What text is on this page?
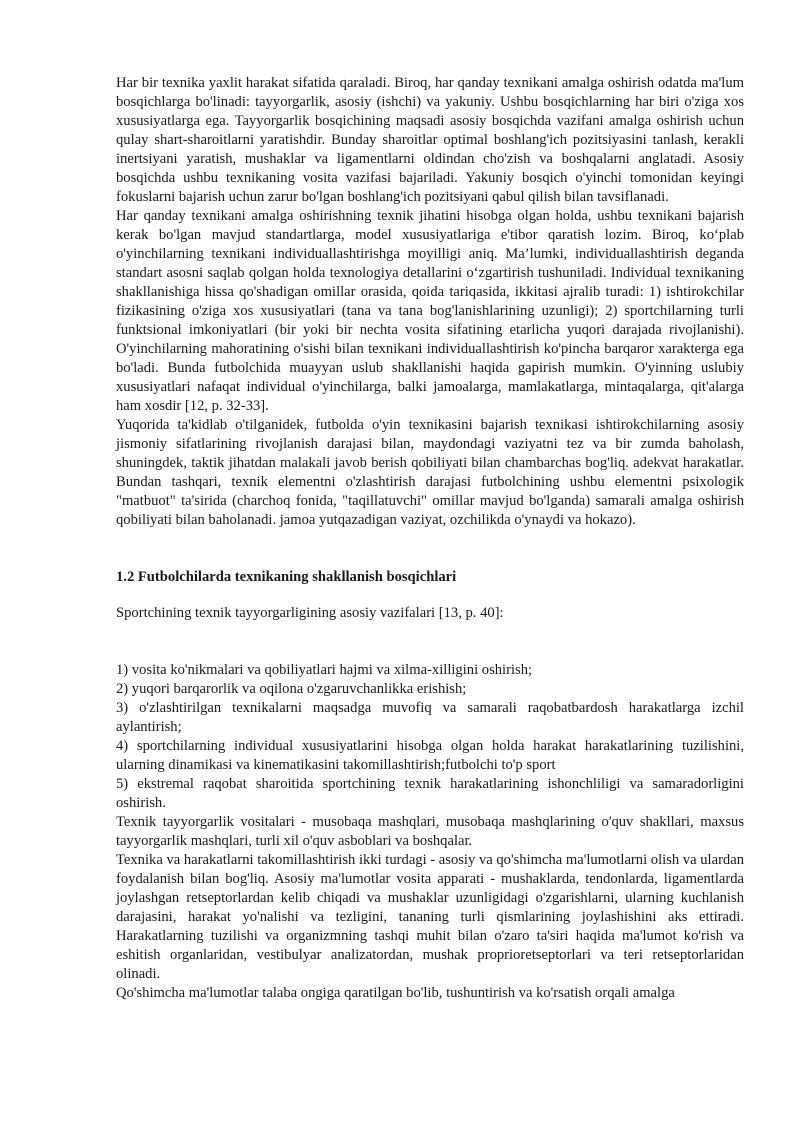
Har bir texnika yaxlit harakat sifatida qaraladi. Biroq, har qanday texnikani amalga oshirish odatda ma'lum bosqichlarga bo'linadi: tayyorgarlik, asosiy (ishchi) va yakuniy. Ushbu bosqichlarning har biri o'ziga xos xususiyatlarga ega. Tayyorgarlik bosqichining maqsadi asosiy bosqichda vazifani amalga oshirish uchun qulay shart-sharoitlarni yaratishdir. Bunday sharoitlar optimal boshlang'ich pozitsiyasini tanlash, kerakli inertsiyani yaratish, mushaklar va ligamentlarni oldindan cho'zish va boshqalarni anglatadi. Asosiy bosqichda ushbu texnikaning vosita vazifasi bajariladi. Yakuniy bosqich o'yinchi tomonidan keyingi fokuslarni bajarish uchun zarur bo'lgan boshlang'ich pozitsiyani qabul qilish bilan tavsiflanadi.

Har qanday texnikani amalga oshirishning texnik jihatini hisobga olgan holda, ushbu texnikani bajarish kerak bo'lgan mavjud standartlarga, model xususiyatlariga e'tibor qaratish lozim. Biroq, ko‘plab o'yinchilarning texnikani individuallashtirishga moyilligi aniq. Ma’lumki, individuallashtirish deganda standart asosni saqlab qolgan holda texnologiya detallarini o‘zgartirish tushuniladi. Individual texnikaning shakllanishiga hissa qo'shadigan omillar orasida, qoida tariqasida, ikkitasi ajralib turadi: 1) ishtirokchilar fizikasining o'ziga xos xususiyatlari (tana va tana bog'lanishlarining uzunligi); 2) sportchilarning turli funktsional imkoniyatlari (bir yoki bir nechta vosita sifatining etarlicha yuqori darajada rivojlanishi). O'yinchilarning mahoratining o'sishi bilan texnikani individuallashtirish ko'pincha barqaror xarakterga ega bo'ladi. Bunda futbolchida muayyan uslub shakllanishi haqida gapirish mumkin. O'yinning uslubiy xususiyatlari nafaqat individual o'yinchilarga, balki jamoalarga, mamlakatlarga, mintaqalarga, qit'alarga ham xosdir [12, p. 32-33].

Yuqorida ta'kidlab o'tilganidek, futbolda o'yin texnikasini bajarish texnikasi ishtirokchilarning asosiy jismoniy sifatlarining rivojlanish darajasi bilan, maydondagi vaziyatni tez va bir zumda baholash, shuningdek, taktik jihatdan malakali javob berish qobiliyati bilan chambarchas bog'liq. adekvat harakatlar. Bundan tashqari, texnik elementni o'zlashtirish darajasi futbolchining ushbu elementni psixologik "matbuot" ta'sirida (charchoq fonida, "taqillatuvchi" omillar mavjud bo'lganda) samarali amalga oshirish qobiliyati bilan baholanadi. jamoa yutqazadigan vaziyat, ozchilikda o'ynaydi va hokazo).

1.2 Futbolchilarda texnikaning shakllanish bosqichlari

Sportchining texnik tayyorgarligining asosiy vazifalari [13, p. 40]:

1) vosita ko'nikmalari va qobiliyatlari hajmi va xilma-xilligini oshirish;

2) yuqori barqarorlik va oqilona o'zgaruvchanlikka erishish;

3) o'zlashtirilgan texnikalarni maqsadga muvofiq va samarali raqobatbardosh harakatlarga izchil aylantirish;

4) sportchilarning individual xususiyatlarini hisobga olgan holda harakat harakatlarining tuzilishini, ularning dinamikasi va kinematikasini takomillashtirish;futbolchi to'p sport

5) ekstremal raqobat sharoitida sportchining texnik harakatlarining ishonchliligi va samaradorligini oshirish.

Texnik tayyorgarlik vositalari - musobaqa mashqlari, musobaqa mashqlarining o'quv shakllari, maxsus tayyorgarlik mashqlari, turli xil o'quv asboblari va boshqalar.

Texnika va harakatlarni takomillashtirish ikki turdagi - asosiy va qo'shimcha ma'lumotlarni olish va ulardan foydalanish bilan bog'liq. Asosiy ma'lumotlar vosita apparati - mushaklarda, tendonlarda, ligamentlarda joylashgan retseptorlardan kelib chiqadi va mushaklar uzunligidagi o'zgarishlarni, ularning kuchlanish darajasini, harakat yo'nalishi va tezligini, tananing turli qismlarining joylashishini aks ettiradi. Harakatlarning tuzilishi va organizmning tashqi muhit bilan o'zaro ta'siri haqida ma'lumot ko'rish va eshitish organlaridan, vestibulyar analizatordan, mushak proprioretseptorlari va teri retseptorlaridan olinadi.

Qo'shimcha ma'lumotlar talaba ongiga qaratilgan bo'lib, tushuntirish va ko'rsatish orqali amalga
